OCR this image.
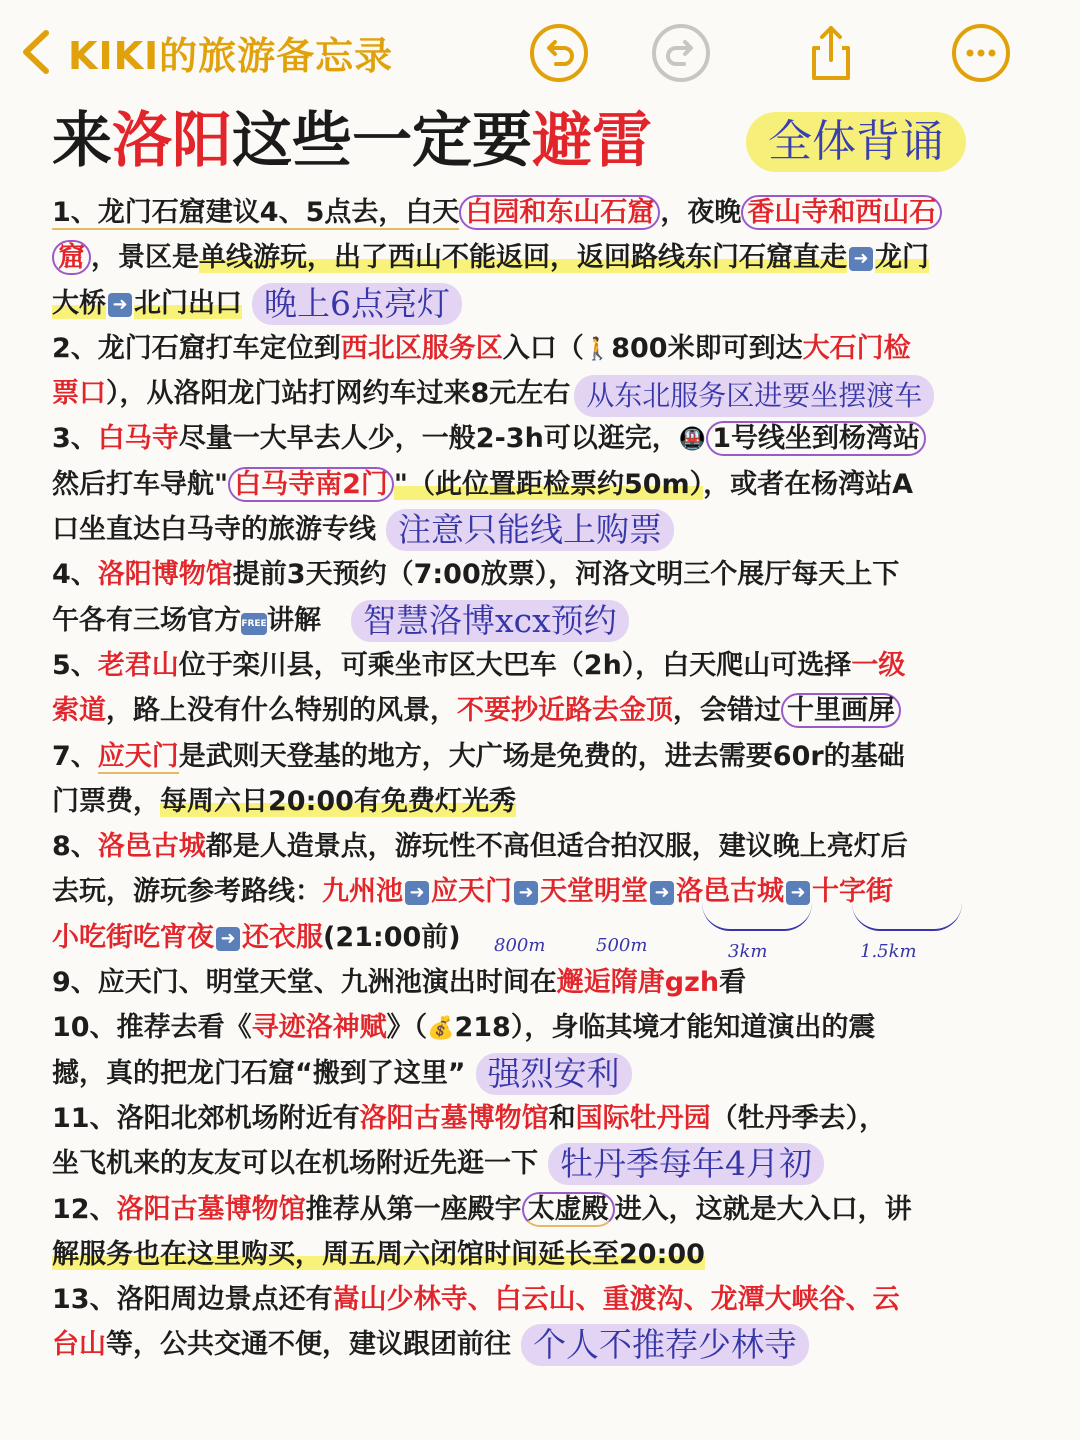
KIKI的旅游备忘录
来洛阳这些一定要避雷	全体背诵
1、龙门石窟建议4、5点去，白天 白园和东山石窟 ，夜晚 香山寺和西山石
窟 ，景区是单线游玩，出了西山不能返回，返回路线东门石窟直走 ➜ 龙门
大桥 ➜ 北门出口 晚上6点亮灯
2、龙门石窟打车定位到西北区服务区入口（🚶800米即可到达大石门检
票口），从洛阳龙门站打网约车过来8元左右 从东北服务区进要坐摆渡车
3、白马寺尽量一大早去人少，一般2-3h可以逛完，🚇 1号线坐到杨湾站
然后打车导航" 白马寺南2门 "（此位置距检票约50m），或者在杨湾站A
口坐直达白马寺的旅游专线 注意只能线上购票
4、洛阳博物馆提前3天预约（7:00放票），河洛文明三个展厅每天上下
午各有三场官方FREE讲解 智慧洛博xcx预约
5、老君山位于栾川县，可乘坐市区大巴车（2h），白天爬山可选择一级
索道，路上没有什么特别的风景，不要抄近路去金顶，会错过 十里画屏
7、应天门是武则天登基的地方，大广场是免费的，进去需要60r的基础
门票费，每周六日20:00有免费灯光秀
8、洛邑古城都是人造景点，游玩性不高但适合拍汉服，建议晚上亮灯后
去玩，游玩参考路线：九州池 ➜ 应天门 ➜ 天堂明堂 ➜ 洛邑古城 ➜ 十字街
小吃街吃宵夜 ➜ 还衣服(21:00前) 800m	500m	3km	1.5km
9、应天门、明堂天堂、九洲池演出时间在邂逅隋唐gzh看
10、推荐去看《寻迹洛神赋》（💰218），身临其境才能知道演出的震
撼，真的把龙门石窟“搬到了这里” 强烈安利
11、洛阳北郊机场附近有洛阳古墓博物馆和国际牡丹园（牡丹季去），
坐飞机来的友友可以在机场附近先逛一下 牡丹季每年4月初
12、洛阳古墓博物馆推荐从第一座殿宇 太虚殿 进入，这就是大入口，讲
解服务也在这里购买，周五周六闭馆时间延长至20:00
13、洛阳周边景点还有嵩山少林寺、白云山、重渡沟、龙潭大峡谷、云
台山等，公共交通不便，建议跟团前往 个人不推荐少林寺
